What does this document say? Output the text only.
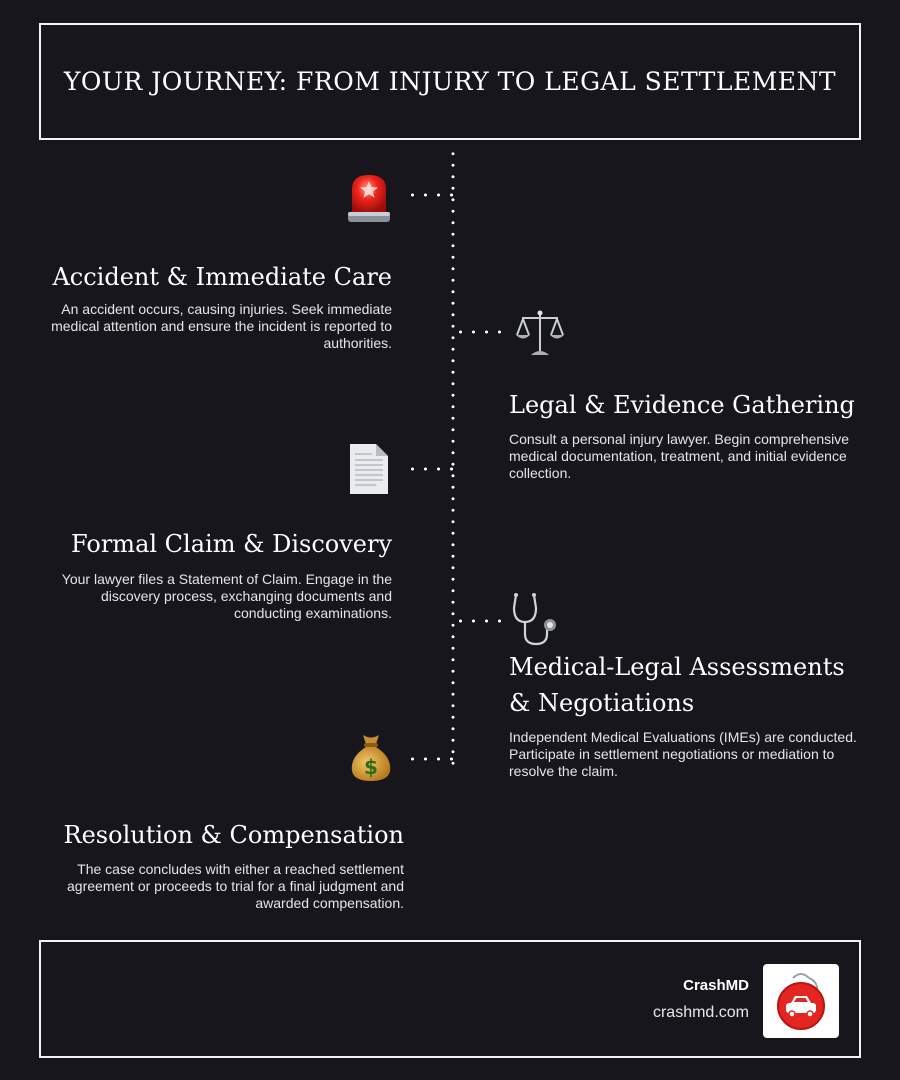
YOUR JOURNEY: FROM INJURY TO LEGAL SETTLEMENT
Accident & Immediate Care

An accident occurs, causing injuries. Seek immediate medical attention and ensure the incident is reported to authorities.

Legal & Evidence Gathering

Consult a personal injury lawyer. Begin comprehensive medical documentation, treatment, and initial evidence collection.

Formal Claim & Discovery

Your lawyer files a Statement of Claim. Engage in the discovery process, exchanging documents and conducting examinations.

Medical-Legal Assessments & Negotiations

Independent Medical Evaluations (IMEs) are conducted. Participate in settlement negotiations or mediation to resolve the claim.

$
Resolution & Compensation

The case concludes with either a reached settlement agreement or proceeds to trial for a final judgment and awarded compensation.

CrashMD
crashmd.com
